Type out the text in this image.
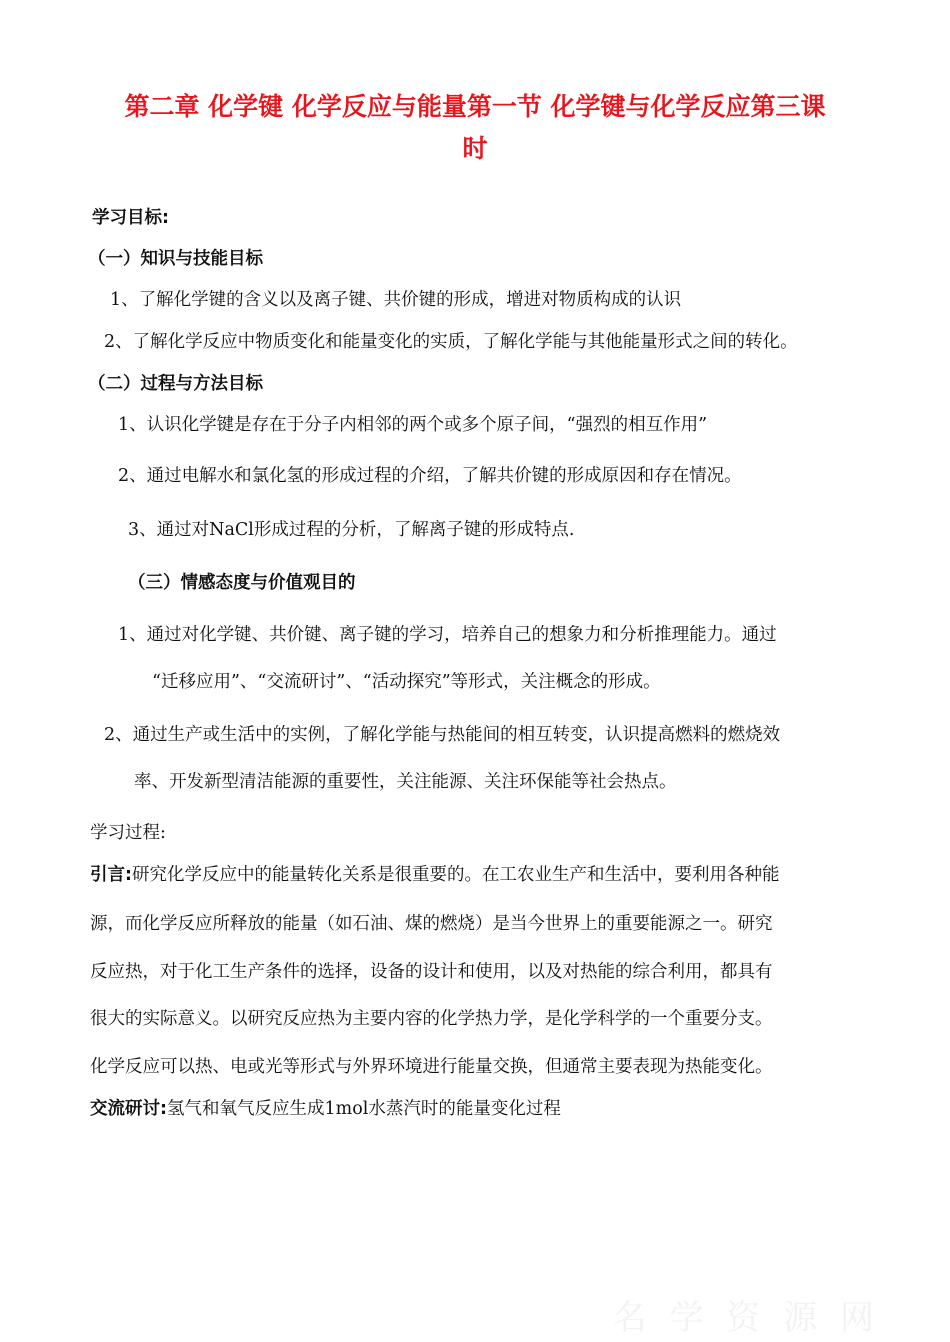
第二章 化学键 化学反应与能量第一节 化学键与化学反应第三课
时
学习目标:
（一）知识与技能目标
1、了解化学键的含义以及离子键、共价键的形成，增进对物质构成的认识
2、了解化学反应中物质变化和能量变化的实质，了解化学能与其他能量形式之间的转化。
（二）过程与方法目标
1、认识化学键是存在于分子内相邻的两个或多个原子间，“强烈的相互作用”
2、通过电解水和氯化氢的形成过程的介绍，了解共价键的形成原因和存在情况。
3、通过对NaCl形成过程的分析，了解离子键的形成特点.
（三）情感态度与价值观目的
1、通过对化学键、共价键、离子键的学习，培养自己的想象力和分析推理能力。通过
“迁移应用”、“交流研讨”、“活动探究”等形式，关注概念的形成。
2、通过生产或生活中的实例，了解化学能与热能间的相互转变，认识提高燃料的燃烧效
率、开发新型清洁能源的重要性，关注能源、关注环保能等社会热点。
学习过程:
引言:研究化学反应中的能量转化关系是很重要的。在工农业生产和生活中，要利用各种能
源，而化学反应所释放的能量（如石油、煤的燃烧）是当今世界上的重要能源之一。研究
反应热，对于化工生产条件的选择，设备的设计和使用，以及对热能的综合利用，都具有
很大的实际意义。以研究反应热为主要内容的化学热力学，是化学科学的一个重要分支。
化学反应可以热、电或光等形式与外界环境进行能量交换，但通常主要表现为热能变化。
交流研讨:氢气和氧气反应生成1mol水蒸汽时的能量变化过程
名 学 资 源 网
